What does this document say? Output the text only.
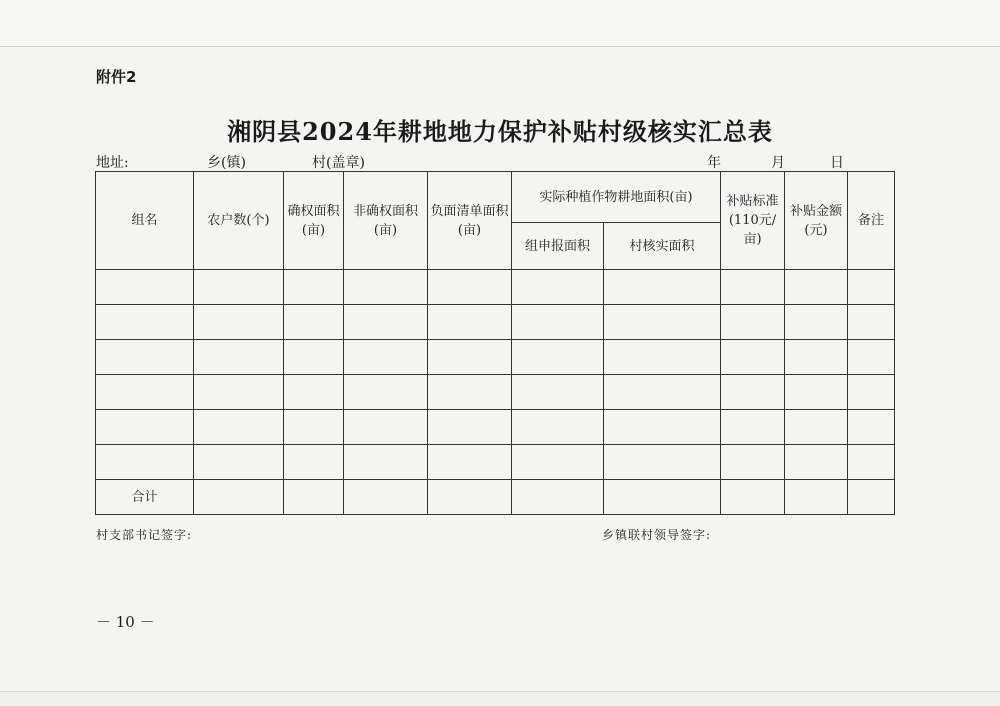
附件2
湘阴县2024年耕地地力保护补贴村级核实汇总表
地址:	乡(镇)	村(盖章)	年	月	日
组名	农户数(个)	确权面积(亩)	非确权面积(亩)	负面清单面积(亩)	实际种植作物耕地面积(亩)		补贴标准(110元/亩)	补贴金额(元)	备注
					组申报面积	村核实面积			

合计									
村支部书记签字:	乡镇联村领导签字:
－ 10 －
